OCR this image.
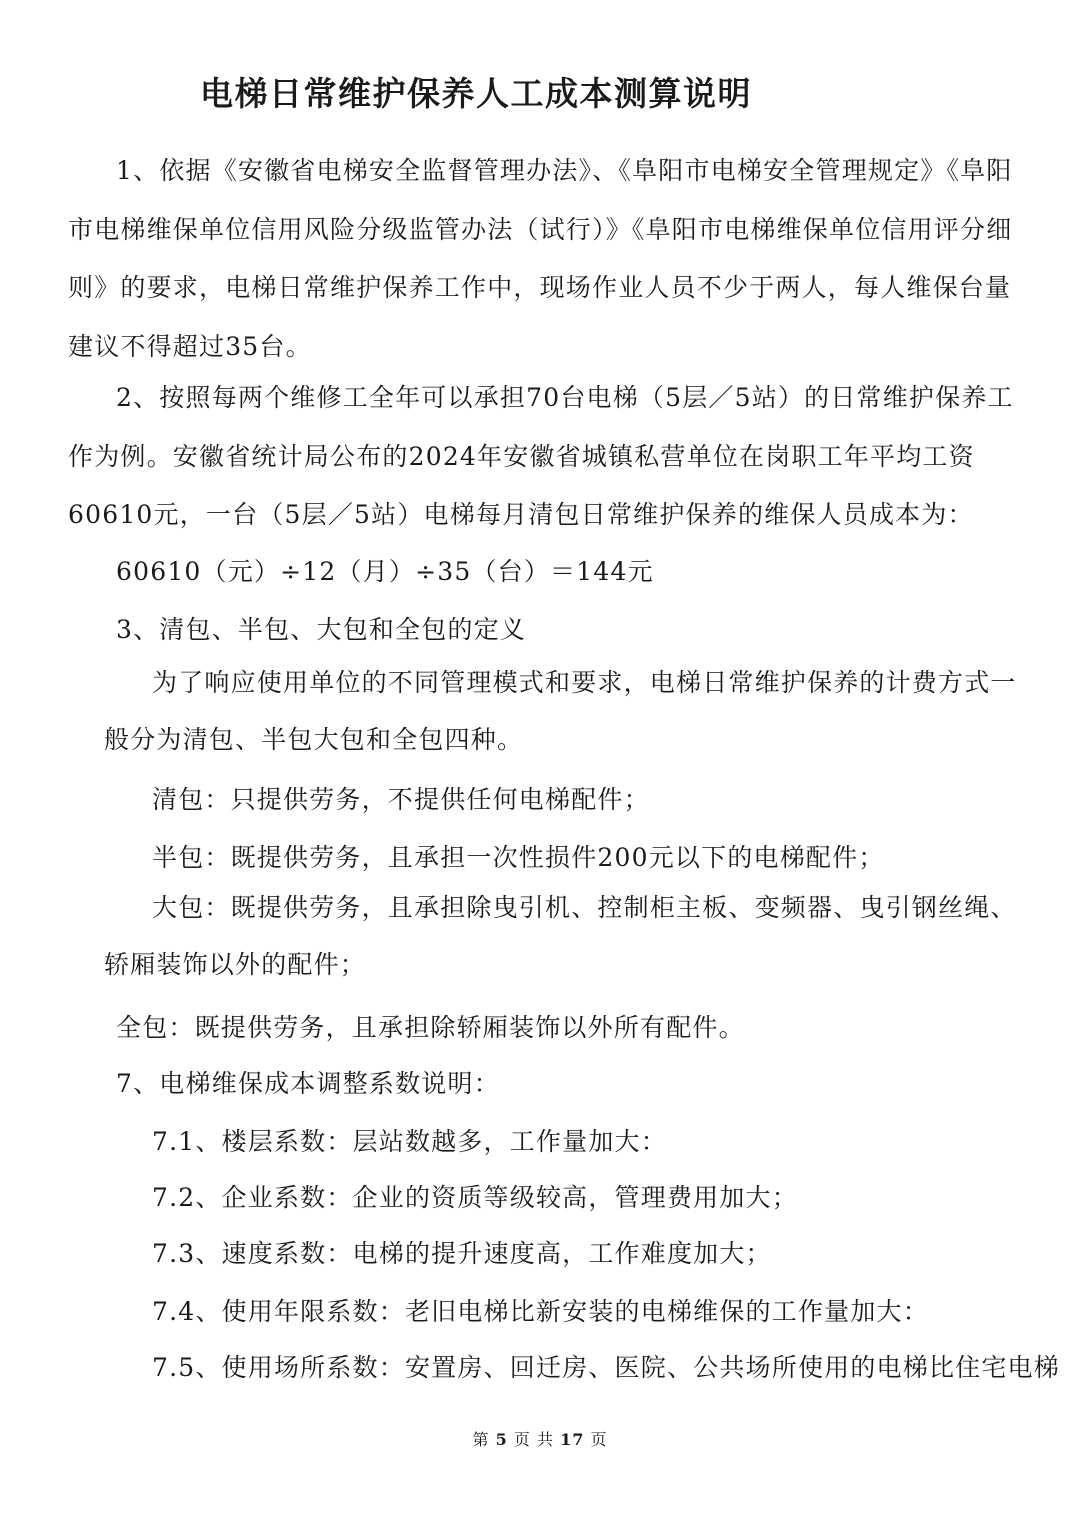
电梯日常维护保养人工成本测算说明

1、依据《安徽省电梯安全监督管理办法》、《阜阳市电梯安全管理规定》《阜阳市电梯维保单位信用风险分级监管办法（试行）》《阜阳市电梯维保单位信用评分细则》的要求，电梯日常维护保养工作中，现场作业人员不少于两人，每人维保台量建议不得超过35台。

2、按照每两个维修工全年可以承担70台电梯（5层／5站）的日常维护保养工作为例。安徽省统计局公布的2024年安徽省城镇私营单位在岗职工年平均工资60610元，一台（5层／5站）电梯每月清包日常维护保养的维保人员成本为：

60610（元）÷12（月）÷35（台）＝144元

3、清包、半包、大包和全包的定义

为了响应使用单位的不同管理模式和要求，电梯日常维护保养的计费方式一般分为清包、半包大包和全包四种。

清包：只提供劳务，不提供任何电梯配件；

半包：既提供劳务，且承担一次性损件200元以下的电梯配件；

大包：既提供劳务，且承担除曳引机、控制柜主板、变频器、曳引钢丝绳、轿厢装饰以外的配件；

全包：既提供劳务，且承担除轿厢装饰以外所有配件。

7、电梯维保成本调整系数说明：

7.1、楼层系数：层站数越多，工作量加大：

7.2、企业系数：企业的资质等级较高，管理费用加大；

7.3、速度系数：电梯的提升速度高，工作难度加大；

7.4、使用年限系数：老旧电梯比新安装的电梯维保的工作量加大：

7.5、使用场所系数：安置房、回迁房、医院、公共场所使用的电梯比住宅电梯

第 5 页 共 17 页
